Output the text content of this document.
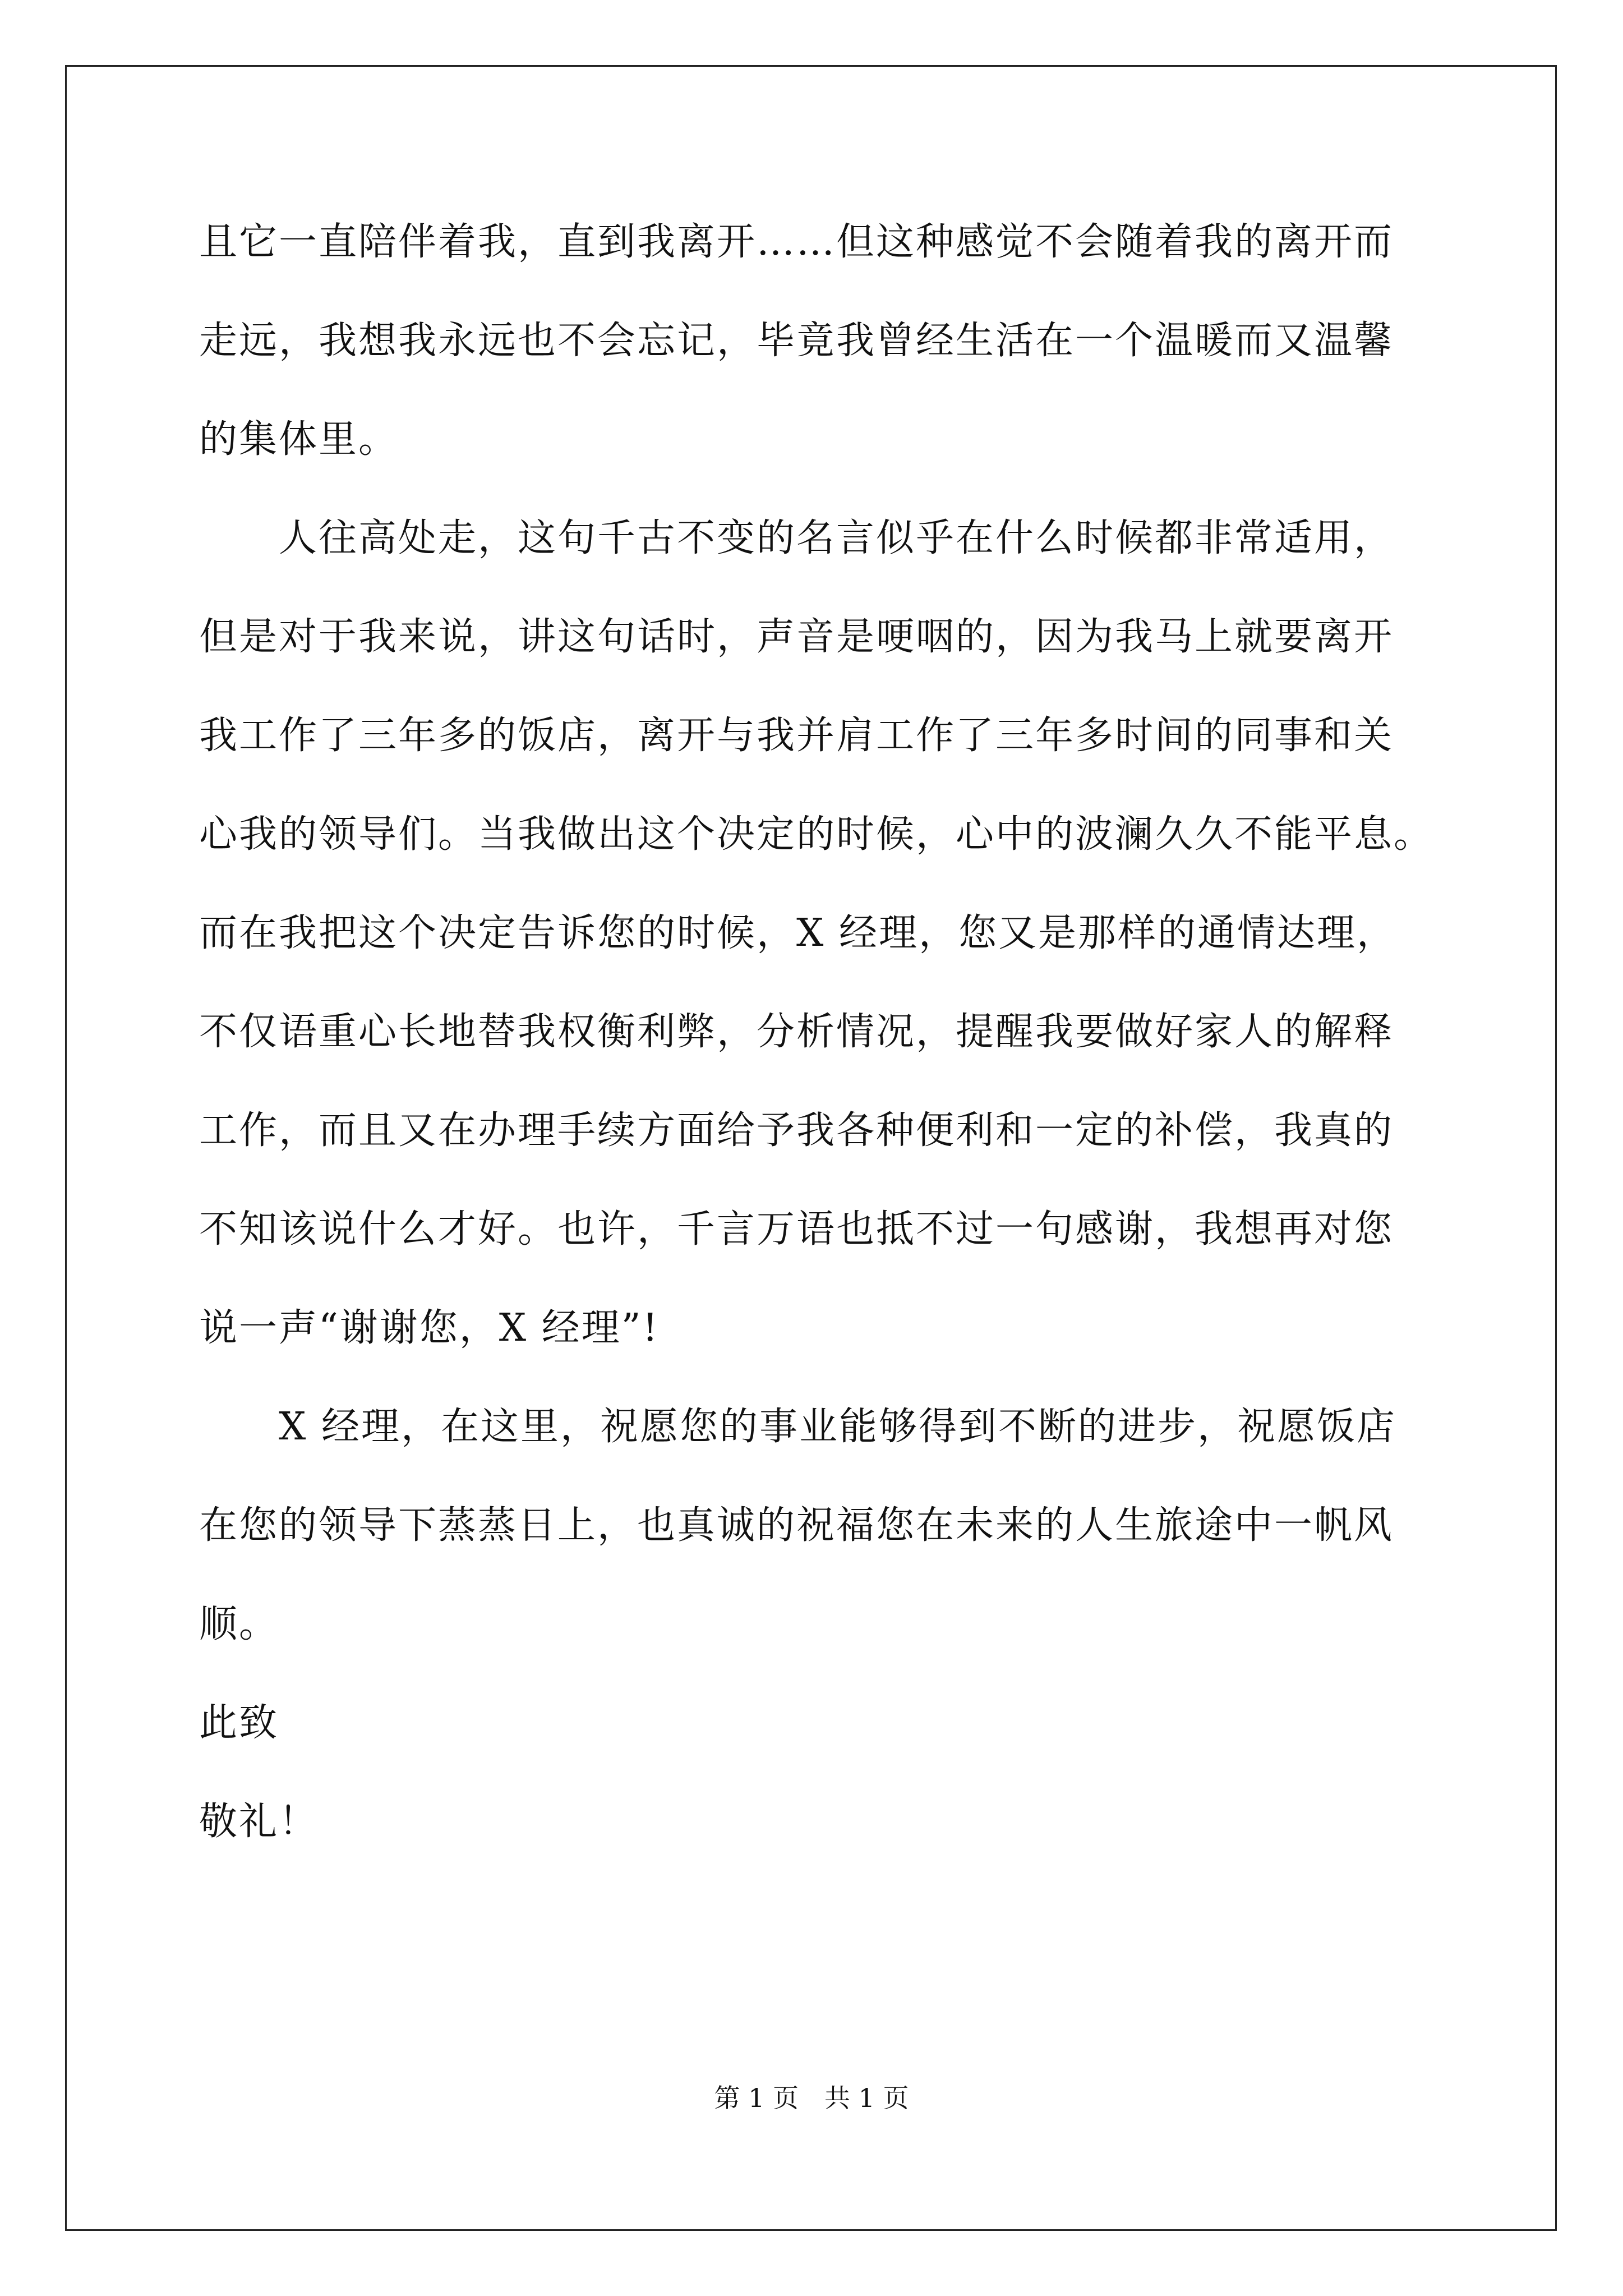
且它一直陪伴着我，直到我离开……但这种感觉不会随着我的离开而

走远，我想我永远也不会忘记，毕竟我曾经生活在一个温暖而又温馨

的集体里。

　　人往高处走，这句千古不变的名言似乎在什么时候都非常适用，

但是对于我来说，讲这句话时，声音是哽咽的，因为我马上就要离开

我工作了三年多的饭店，离开与我并肩工作了三年多时间的同事和关

心我的领导们。当我做出这个决定的时候，心中的波澜久久不能平息。

而在我把这个决定告诉您的时候，X 经理，您又是那样的通情达理，

不仅语重心长地替我权衡利弊，分析情况，提醒我要做好家人的解释

工作，而且又在办理手续方面给予我各种便利和一定的补偿，我真的

不知该说什么才好。也许，千言万语也抵不过一句感谢，我想再对您

说一声“谢谢您，X 经理”!

　　X 经理，在这里，祝愿您的事业能够得到不断的进步，祝愿饭店

在您的领导下蒸蒸日上，也真诚的祝福您在未来的人生旅途中一帆风

顺。

此致

敬礼！

第 1 页　共 1 页
